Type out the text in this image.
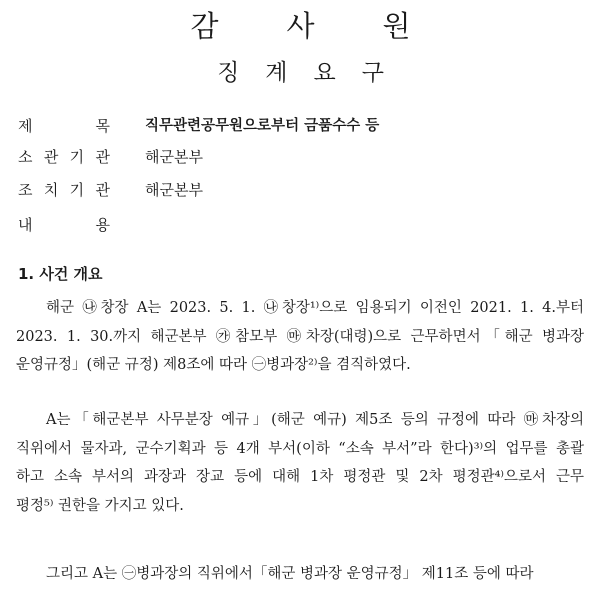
감사원
징계요구
제	목 직무관련공무원으로부터 금품수수 등
소 관 기 관 해군본부
조 치 기 관 해군본부
내	용
1. 사건 개요
해군 ㉯창장 A는 2023. 5. 1. ㉯창장¹⁾으로 임용되기 이전인 2021. 1. 4.부터
2023. 1. 30.까지 해군본부 ㉮참모부 ㉲차장(대령)으로 근무하면서「해군 병과장
운영규정」(해군 규정) 제8조에 따라 ㊀병과장²⁾을 겸직하였다.
A는「해군본부 사무분장 예규」(해군 예규) 제5조 등의 규정에 따라 ㉲차장의
직위에서 물자과, 군수기획과 등 4개 부서(이하 “소속 부서”라 한다)³⁾의 업무를 총괄
하고 소속 부서의 과장과 장교 등에 대해 1차 평정관 및 2차 평정관⁴⁾으로서 근무
평정⁵⁾ 권한을 가지고 있다.
그리고 A는 ㊀병과장의 직위에서「해군 병과장 운영규정」 제11조 등에 따라
